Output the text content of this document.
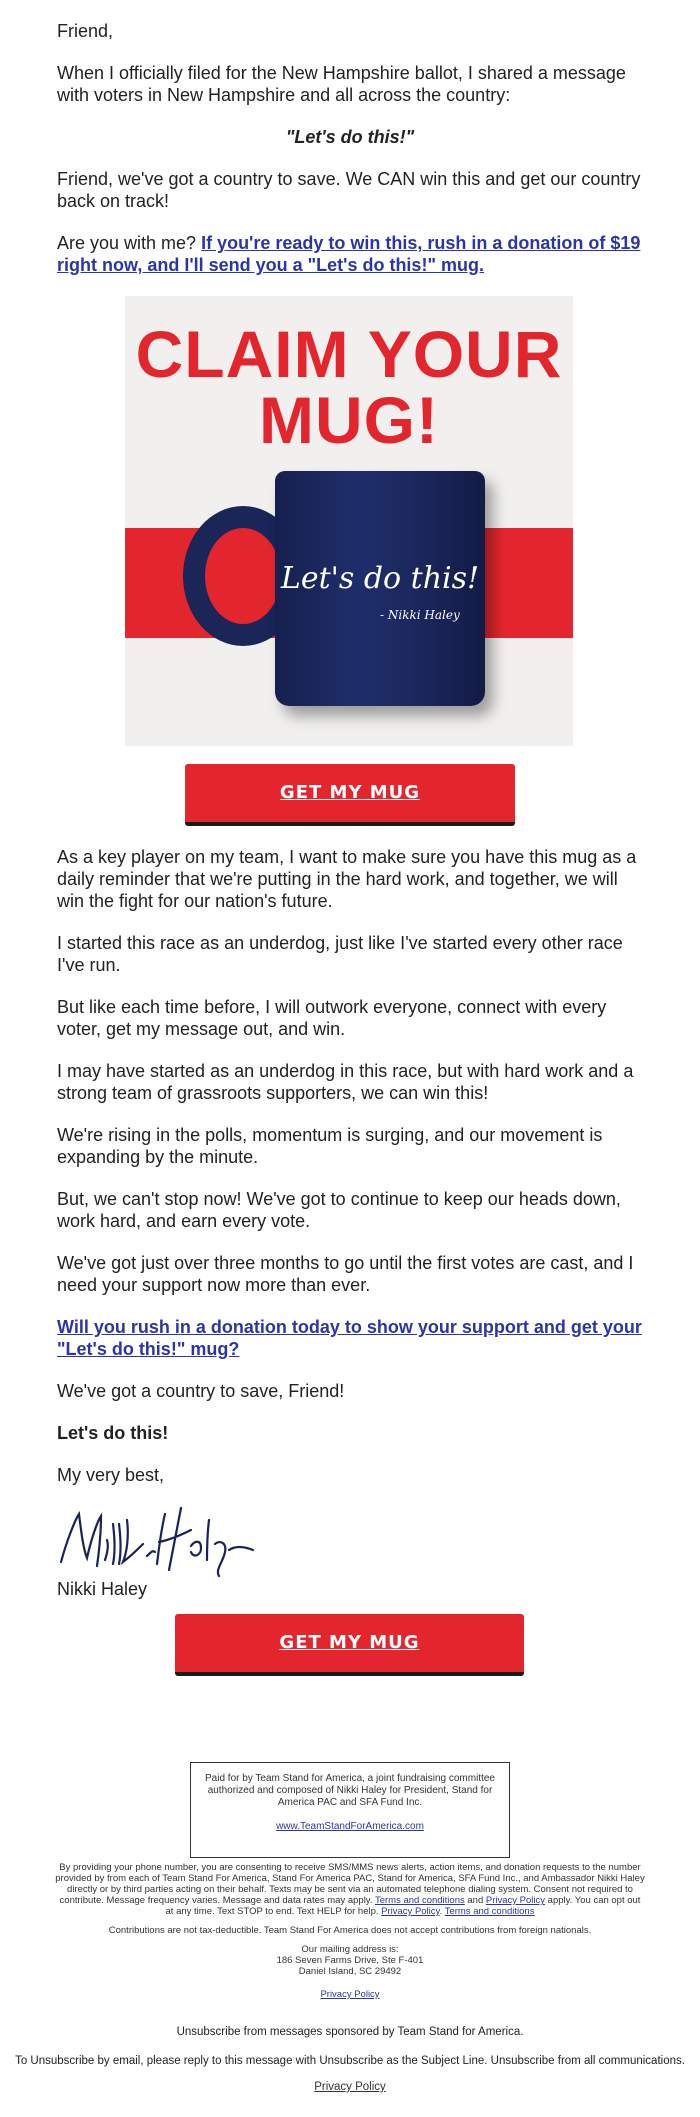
Friend,

When I officially filed for the New Hampshire ballot, I shared a message with voters in New Hampshire and all across the country:

"Let's do this!"

Friend, we've got a country to save. We CAN win this and get our country back on track!

Are you with me? If you're ready to win this, rush in a donation of $19 right now, and I'll send you a "Let's do this!" mug.

CLAIM YOUR
MUG!
Let's do this!
- Nikki Haley
GET MY MUG

As a key player on my team, I want to make sure you have this mug as a daily reminder that we're putting in the hard work, and together, we will win the fight for our nation's future.

I started this race as an underdog, just like I've started every other race I've run.

But like each time before, I will outwork everyone, connect with every voter, get my message out, and win.

I may have started as an underdog in this race, but with hard work and a strong team of grassroots supporters, we can win this!

We're rising in the polls, momentum is surging, and our movement is expanding by the minute.

But, we can't stop now! We've got to continue to keep our heads down, work hard, and earn every vote.

We've got just over three months to go until the first votes are cast, and I need your support now more than ever.

Will you rush in a donation today to show your support and get your "Let's do this!" mug?

We've got a country to save, Friend!

Let's do this!

My very best,

Nikki Haley
GET MY MUG
Paid for by Team Stand for America, a joint fundraising committee authorized and composed of Nikki Haley for President, Stand for America PAC and SFA Fund Inc.
www.TeamStandForAmerica.com

By providing your phone number, you are consenting to receive SMS/MMS news alerts, action items, and donation requests to the number provided by from each of Team Stand For America, Stand For America PAC, Stand for America, SFA Fund Inc., and Ambassador Nikki Haley directly or by third parties acting on their behalf. Texts may be sent via an automated telephone dialing system. Consent not required to contribute. Message frequency varies. Message and data rates may apply. Terms and conditions and Privacy Policy apply. You can opt out at any time. Text STOP to end. Text HELP for help. Privacy Policy. Terms and conditions

Contributions are not tax-deductible. Team Stand For America does not accept contributions from foreign nationals.

Our mailing address is:
186 Seven Farms Drive, Ste F-401
Daniel Island, SC 29492
Privacy Policy
Unsubscribe from messages sponsored by Team Stand for America.
To Unsubscribe by email, please reply to this message with Unsubscribe as the Subject Line. Unsubscribe from all communications.
Privacy Policy
